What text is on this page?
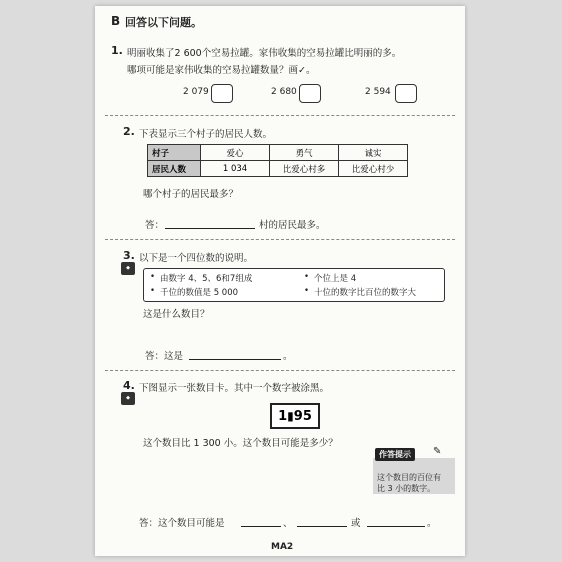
B 回答以下问题。
1. 明丽收集了2 600个空易拉罐。家伟收集的空易拉罐比明丽的多。
哪项可能是家伟收集的空易拉罐数量？画✓。
2 079	2 680	2 594
2. 下表显示三个村子的居民人数。
村子	爱心	勇气	诚实
居民人数	1 034	比爱心村多	比爱心村少
哪个村子的居民最多？
答：	村的居民最多。
3.
◆
以下是一个四位数的说明。
• 由数字 4、5、6和7组成	• 个位上是 4
• 千位的数值是 5 000	• 十位的数字比百位的数字大
这是什么数目？
答：这是	。
4.
◆
下图显示一张数目卡。其中一个数字被涂黑。
1▮95
这个数目比 1 300 小。这个数目可能是多少？
这个数目的百位有
比 3 小的数字。
作答提示	✎
答：这个数目可能是	、	或	。
MA2
